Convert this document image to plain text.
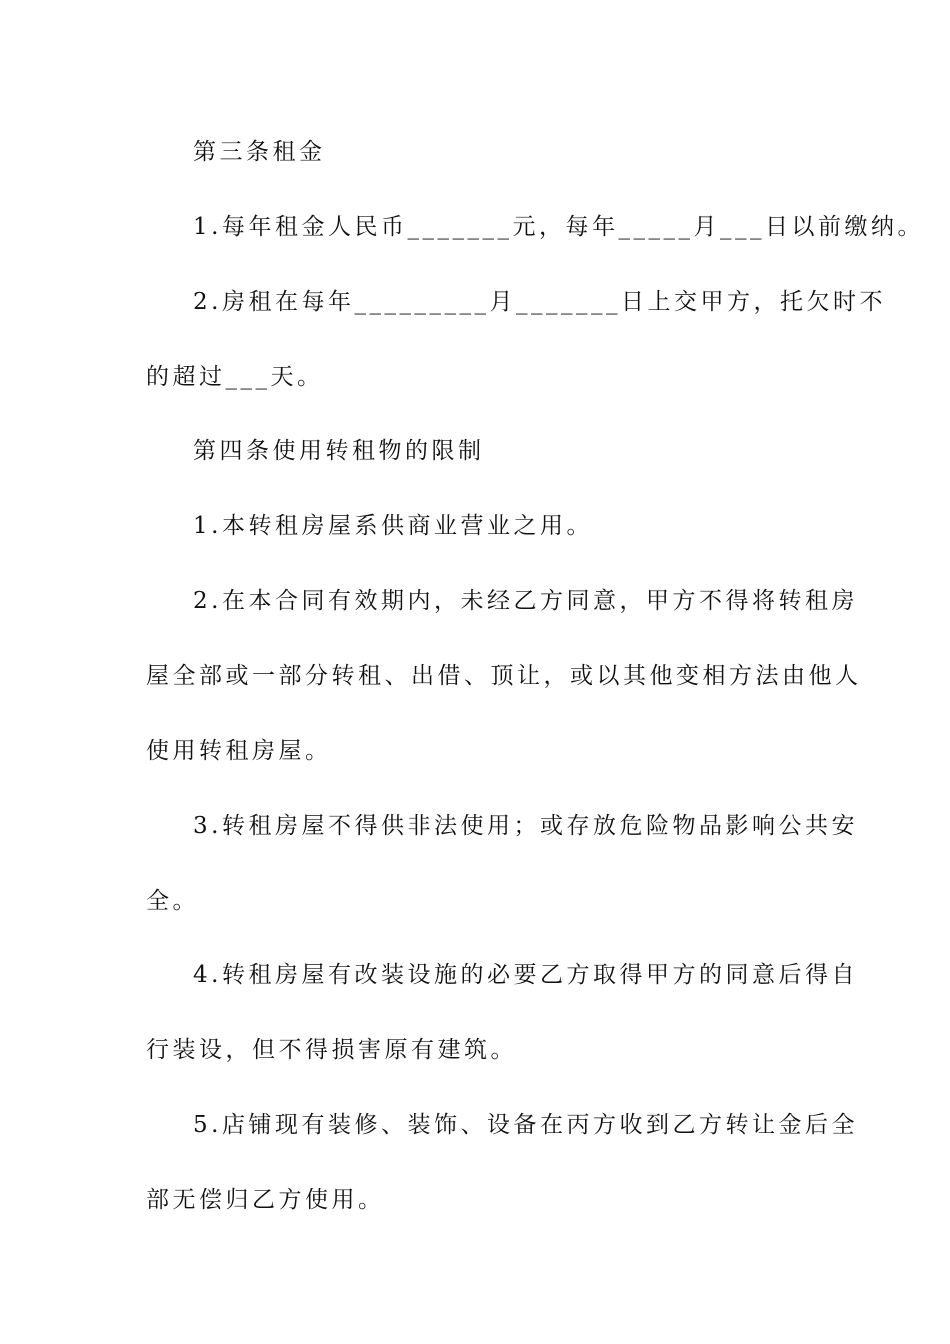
第三条租金
1.每年租金人民币_______元，每年_____月___日以前缴纳。
2.房租在每年_________月_______日上交甲方，托欠时不
的超过___天。
第四条使用转租物的限制
1.本转租房屋系供商业营业之用。
2.在本合同有效期内，未经乙方同意，甲方不得将转租房
屋全部或一部分转租、出借、顶让，或以其他变相方法由他人
使用转租房屋。
3.转租房屋不得供非法使用；或存放危险物品影响公共安
全。
4.转租房屋有改装设施的必要乙方取得甲方的同意后得自
行装设，但不得损害原有建筑。
5.店铺现有装修、装饰、设备在丙方收到乙方转让金后全
部无偿归乙方使用。
